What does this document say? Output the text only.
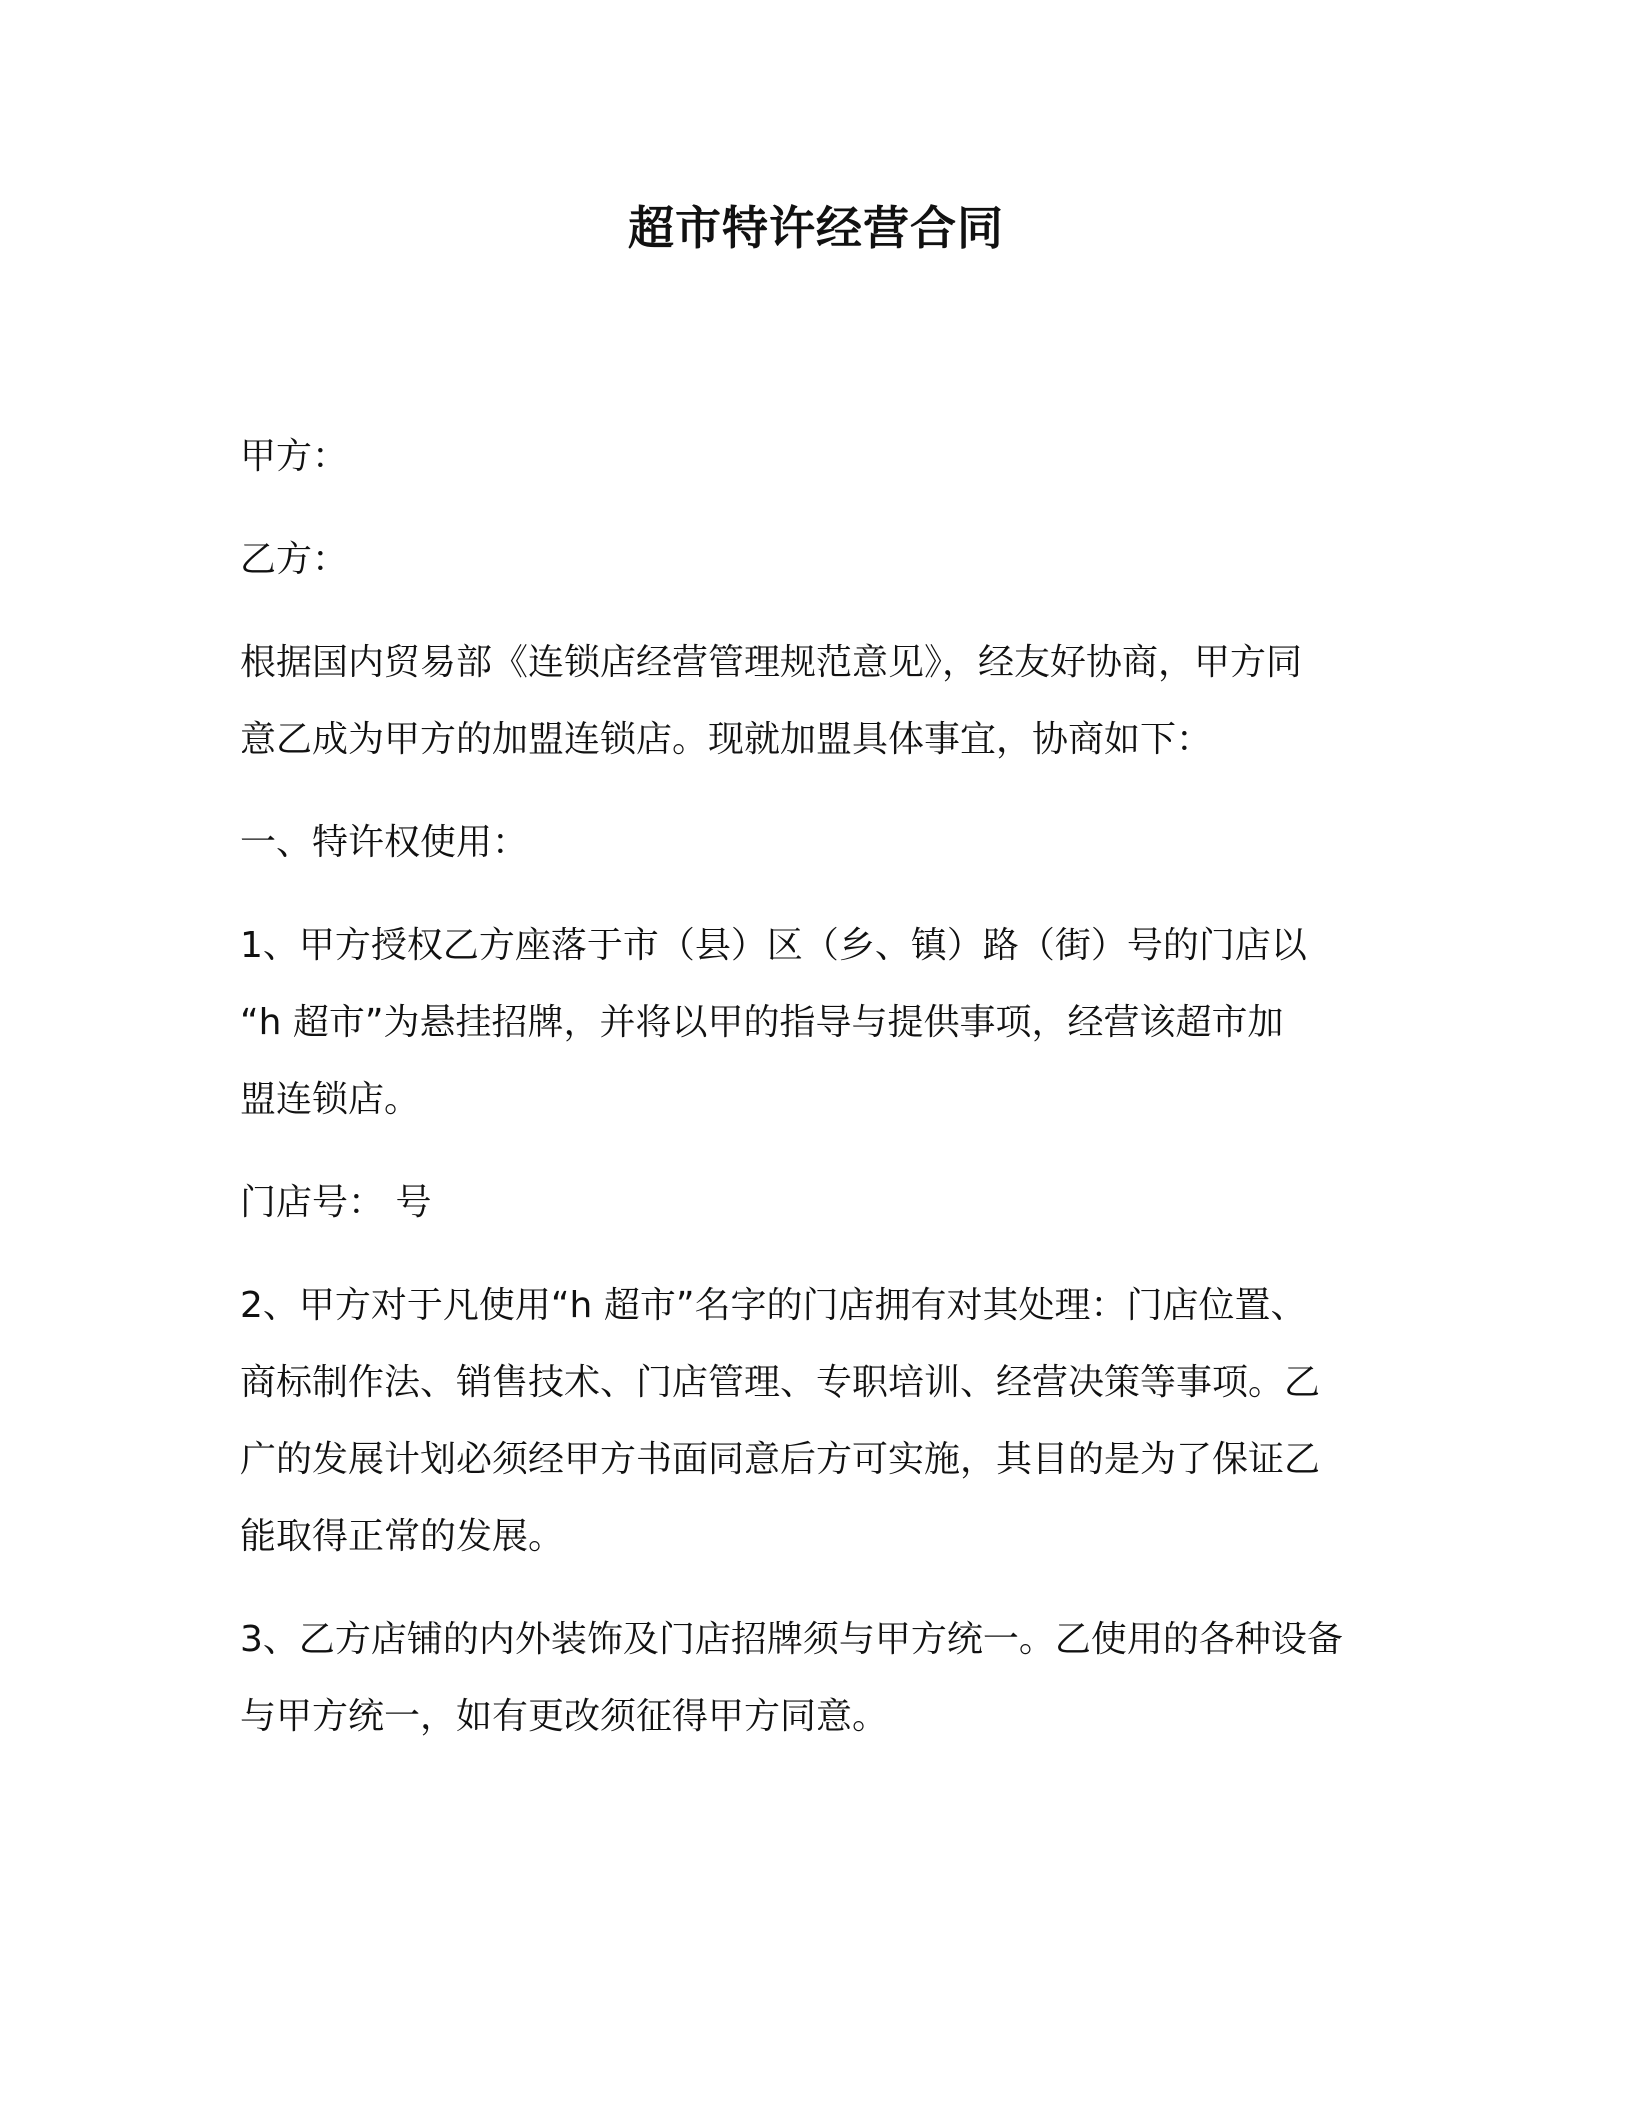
超市特许经营合同

甲方：

乙方：

根据国内贸易部《连锁店经营管理规范意见》，经友好协商，甲方同
意乙成为甲方的加盟连锁店。现就加盟具体事宜，协商如下：

一、特许权使用：

1、甲方授权乙方座落于市（县）区（乡、镇）路（街）号的门店以
“h 超市”为悬挂招牌，并将以甲的指导与提供事项，经营该超市加
盟连锁店。

门店号： 号

2、甲方对于凡使用“h 超市”名字的门店拥有对其处理：门店位置、
商标制作法、销售技术、门店管理、专职培训、经营决策等事项。乙
广的发展计划必须经甲方书面同意后方可实施，其目的是为了保证乙
能取得正常的发展。

3、乙方店铺的内外装饰及门店招牌须与甲方统一。乙使用的各种设备
与甲方统一，如有更改须征得甲方同意。
